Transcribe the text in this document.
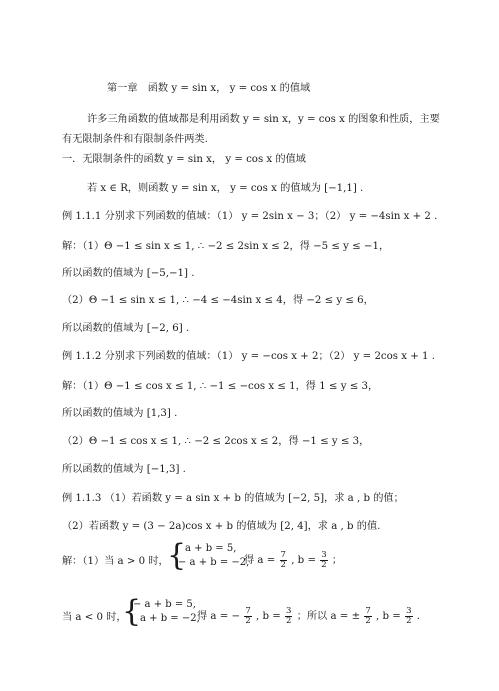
第一章　函数 y = sin x， y = cos x 的值域
许多三角函数的值域都是利用函数 y = sin x，y = cos x 的图象和性质，主要
有无限制条件和有限制条件两类.
一．无限制条件的函数 y = sin x， y = cos x 的值域
若 x ∈ R，则函数 y = sin x， y = cos x 的值域为 [−1,1] .
例 1.1.1 分别求下列函数的值域：（1） y = 2sin x − 3；（2） y = −4sin x + 2 .
解：（1）Θ −1 ≤ sin x ≤ 1, ∴ −2 ≤ 2sin x ≤ 2，得 −5 ≤ y ≤ −1，
所以函数的值域为 [−5,−1] .
（2）Θ −1 ≤ sin x ≤ 1, ∴ −4 ≤ −4sin x ≤ 4，得 −2 ≤ y ≤ 6，
所以函数的值域为 [−2, 6] .
例 1.1.2 分别求下列函数的值域：（1） y = −cos x + 2；（2） y = 2cos x + 1 .
解：（1）Θ −1 ≤ cos x ≤ 1, ∴ −1 ≤ −cos x ≤ 1，得 1 ≤ y ≤ 3，
所以函数的值域为 [1,3] .
（2）Θ −1 ≤ cos x ≤ 1, ∴ −2 ≤ 2cos x ≤ 2，得 −1 ≤ y ≤ 3，
所以函数的值域为 [−1,3] .
例 1.1.3 （1）若函数 y = a sin x + b 的值域为 [−2, 5]，求 a , b 的值；
（2）若函数 y = (3 − 2a)cos x + b 的值域为 [2, 4]，求 a , b 的值.
解：（1）当 a > 0 时，
{
a + b = 5,
− a + b = −2,
得 $a = \frac{7}{2}$ , $b = \frac{3}{2}$ ；
当 a < 0 时，
{
− a + b = 5,
a + b = −2,
得 a = − $\frac{7}{2}$ , $b = \frac{3}{2}$ ；所以 a = ± $\frac{7}{2}$ , $b = \frac{3}{2}$ .
